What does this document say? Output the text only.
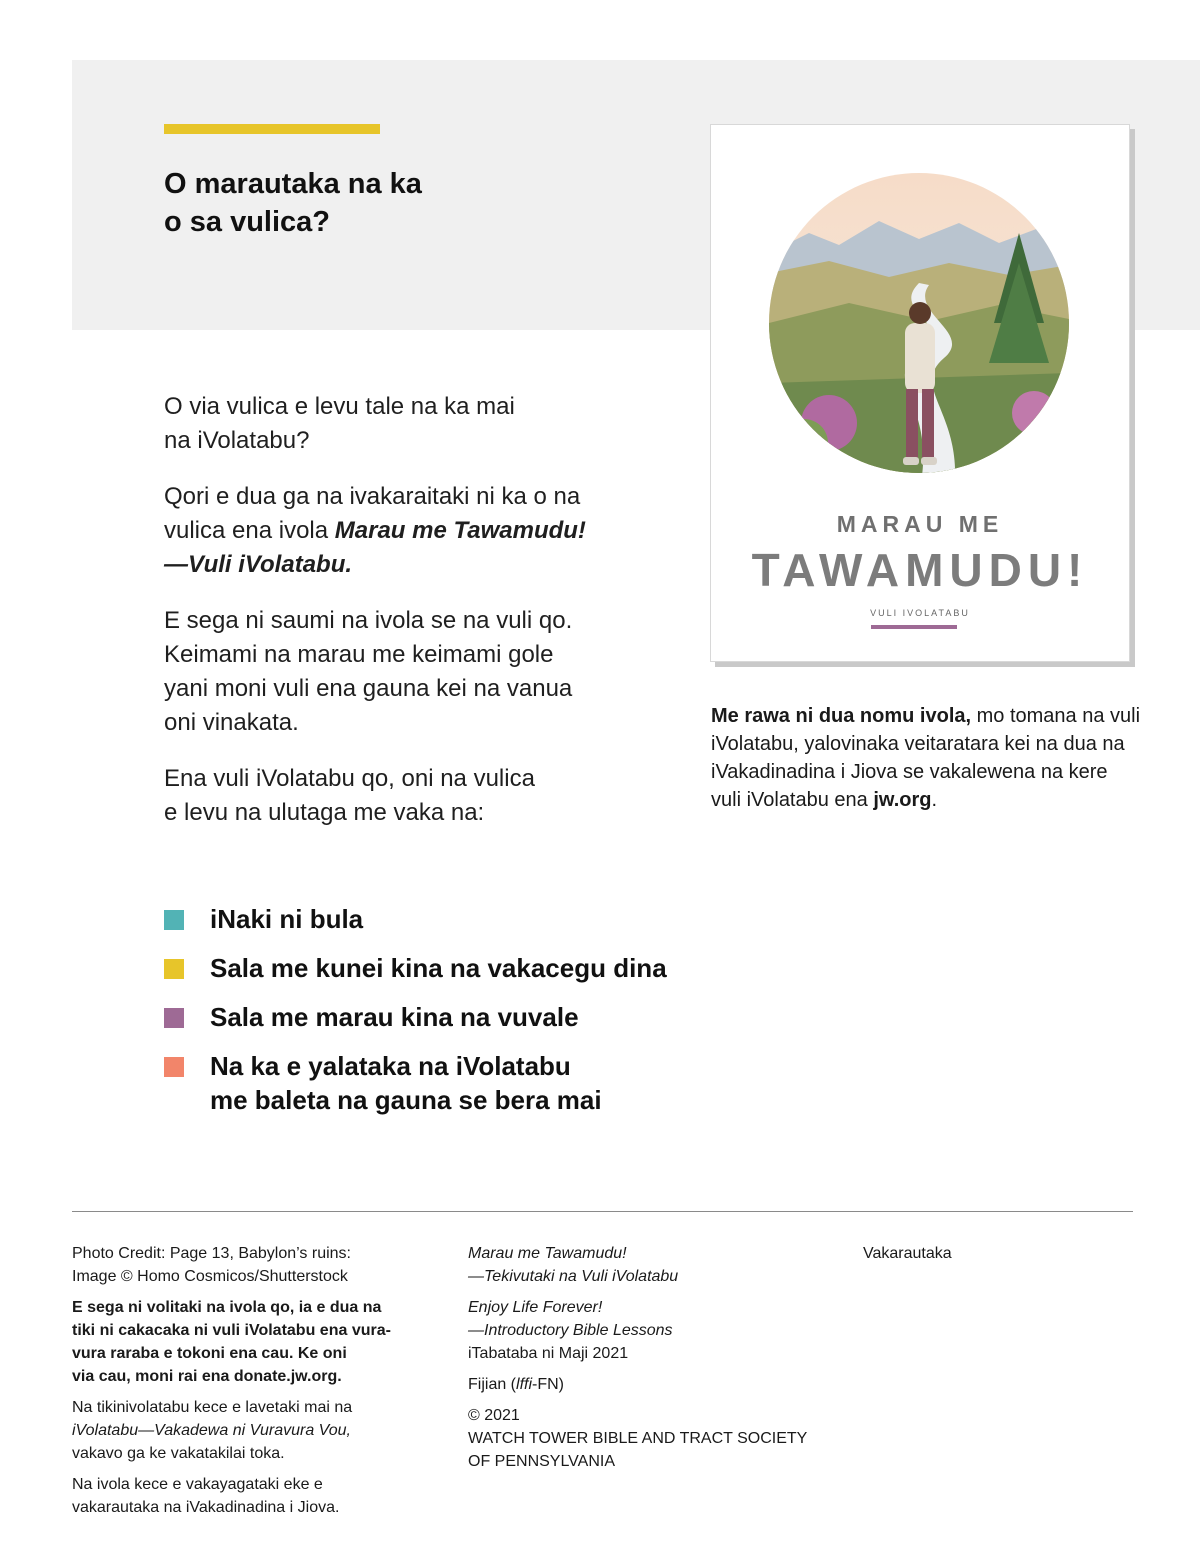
O marautaka na ka
o sa vulica?

O via vulica e levu tale na ka mai
na iVolatabu?

Qori e dua ga na ivakaraitaki ni ka o na
vulica ena ivola Marau me Tawamudu!
—Vuli iVolatabu.

E sega ni saumi na ivola se na vuli qo.
Keimami na marau me keimami gole
yani moni vuli ena gauna kei na vanua
oni vinakata.

Ena vuli iVolatabu qo, oni na vulica
e levu na ulutaga me vaka na:

iNaki ni bula
Sala me kunei kina na vakacegu dina
Sala me marau kina na vuvale
Na ka e yalataka na iVolatabu
me baleta na gauna se bera mai
MARAU ME
TAWAMUDU!
VULI IVOLATABU
Me rawa ni dua nomu ivola, mo tomana na vuli iVolatabu, yalovinaka veitaratara kei na dua na iVakadinadina i Jiova se vakalewena na kere vuli iVolatabu ena jw.org.

Photo Credit: Page 13, Babylon’s ruins:
Image © Homo Cosmicos/Shutterstock

E sega ni volitaki na ivola qo, ia e dua na
tiki ni cakacaka ni vuli iVolatabu ena vura-
vura raraba e tokoni ena cau. Ke oni
via cau, moni rai ena donate.jw.org.

Na tikinivolatabu kece e lavetaki mai na
iVolatabu—Vakadewa ni Vuravura Vou,
vakavo ga ke vakatakilai toka.

Na ivola kece e vakayagataki eke e
vakarautaka na iVakadinadina i Jiova.

Marau me Tawamudu!
—Tekivutaki na Vuli iVolatabu

Enjoy Life Forever!
—Introductory Bible Lessons
iTabataba ni Maji 2021

Fijian (lffi-FN)

© 2021
WATCH TOWER BIBLE AND TRACT SOCIETY
OF PENNSYLVANIA

Vakarautaka
